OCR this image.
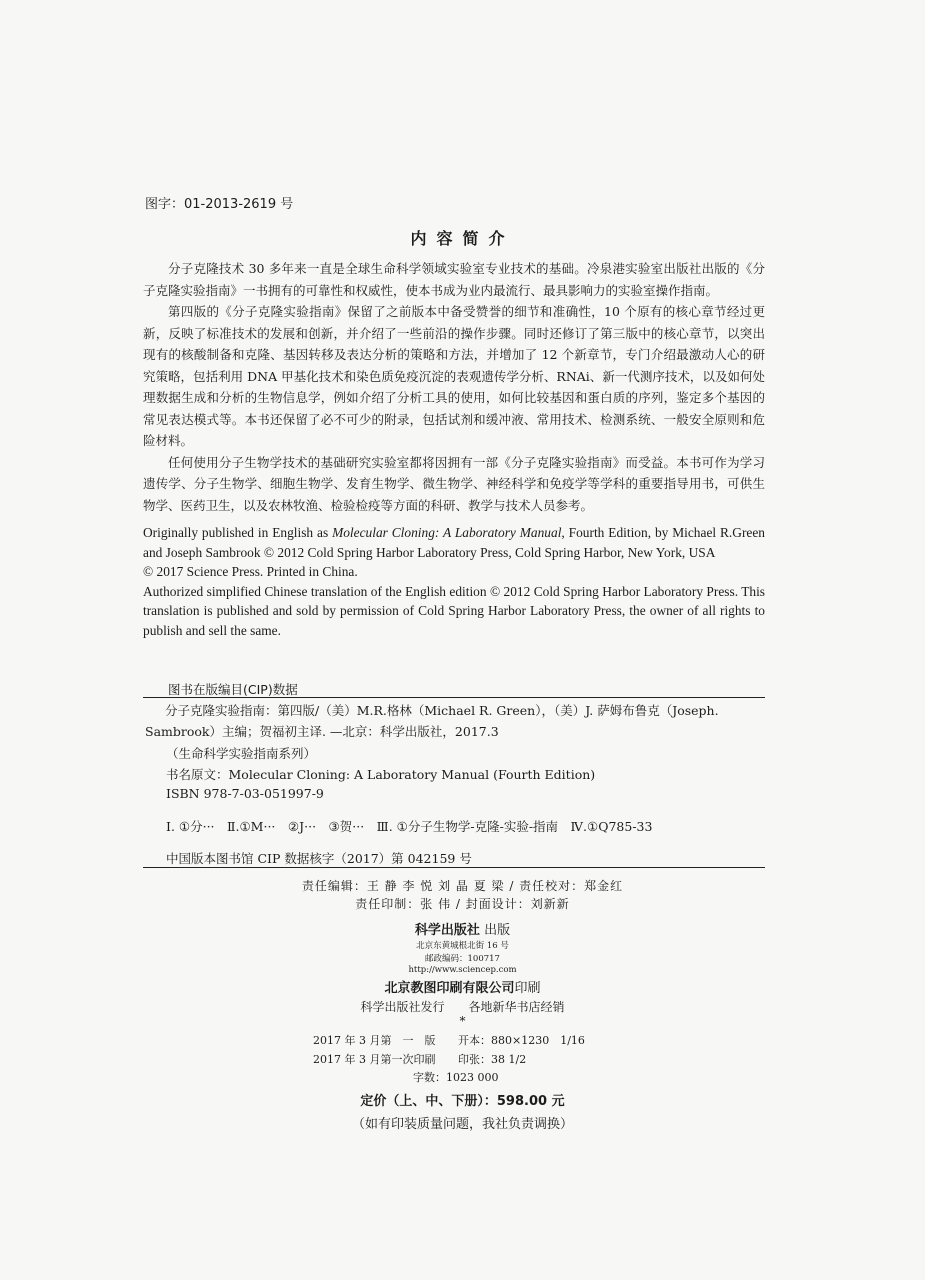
图字：01-2013-2619 号
内容简介

分子克隆技术 30 多年来一直是全球生命科学领域实验室专业技术的基础。冷泉港实验室出版社出版的《分子克隆实验指南》一书拥有的可靠性和权威性，使本书成为业内最流行、最具影响力的实验室操作指南。

第四版的《分子克隆实验指南》保留了之前版本中备受赞誉的细节和准确性，10 个原有的核心章节经过更新，反映了标准技术的发展和创新，并介绍了一些前沿的操作步骤。同时还修订了第三版中的核心章节，以突出现有的核酸制备和克隆、基因转移及表达分析的策略和方法，并增加了 12 个新章节，专门介绍最激动人心的研究策略，包括利用 DNA 甲基化技术和染色质免疫沉淀的表观遗传学分析、RNAi、新一代测序技术，以及如何处理数据生成和分析的生物信息学，例如介绍了分析工具的使用，如何比较基因和蛋白质的序列，鉴定多个基因的常见表达模式等。本书还保留了必不可少的附录，包括试剂和缓冲液、常用技术、检测系统、一般安全原则和危险材料。

任何使用分子生物学技术的基础研究实验室都将因拥有一部《分子克隆实验指南》而受益。本书可作为学习遗传学、分子生物学、细胞生物学、发育生物学、微生物学、神经科学和免疫学等学科的重要指导用书，可供生物学、医药卫生，以及农林牧渔、检验检疫等方面的科研、教学与技术人员参考。

Originally published in English as Molecular Cloning: A Laboratory Manual, Fourth Edition, by Michael R.Green and Joseph Sambrook © 2012 Cold Spring Harbor Laboratory Press, Cold Spring Harbor, New York, USA

© 2017 Science Press. Printed in China.

Authorized simplified Chinese translation of the English edition © 2012 Cold Spring Harbor Laboratory Press. This translation is published and sold by permission of Cold Spring Harbor Laboratory Press, the owner of all rights to publish and sell the same.

图书在版编目(CIP)数据
分子克隆实验指南：第四版/（美）M.R.格林（Michael R. Green），（美）J. 萨姆布鲁克（Joseph. Sambrook）主编；贺福初主译. —北京：科学出版社，2017.3
（生命科学实验指南系列）
书名原文：Molecular Cloning: A Laboratory Manual (Fourth Edition)
ISBN 978-7-03-051997-9
Ⅰ. ①分···　Ⅱ.①M···　②J···　③贺···　Ⅲ. ①分子生物学-克隆-实验-指南　Ⅳ.①Q785-33
中国版本图书馆 CIP 数据核字（2017）第 042159 号
责任编辑：王 静 李 悦 刘 晶 夏 梁 / 责任校对：郑金红
责任印制：张 伟 / 封面设计：刘新新
科学出版社 出版
北京东黄城根北街 16 号
邮政编码：100717
http://www.sciencep.com
北京教图印刷有限公司印刷
科学出版社发行　　各地新华书店经销
*
2017 年 3 月第　一　版 开本：880×1230　1/16
2017 年 3 月第一次印刷 印张：38 1/2
字数：1023 000
定价（上、中、下册）：598.00 元
（如有印装质量问题，我社负责调换）
